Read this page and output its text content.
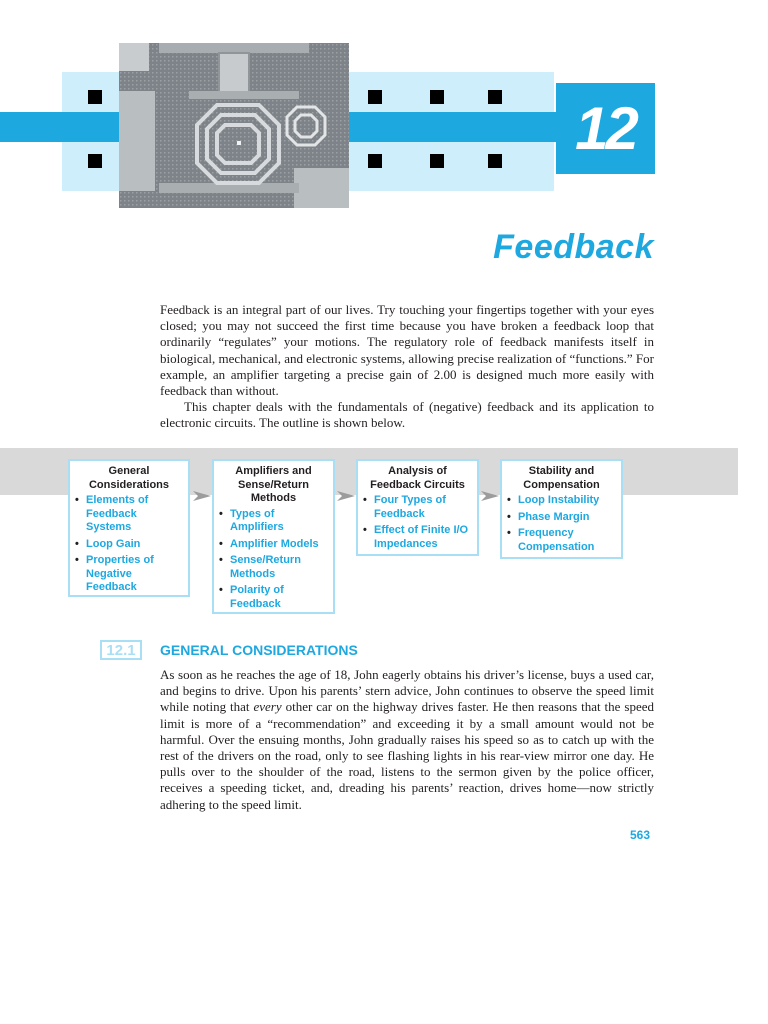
12
Feedback

Feedback is an integral part of our lives. Try touching your fingertips together with your eyes closed; you may not succeed the first time because you have broken a feedback loop that ordinarily “regulates” your motions. The regulatory role of feedback manifests itself in biological, mechanical, and electronic systems, allowing precise realization of “functions.” For example, an amplifier targeting a precise gain of 2.00 is designed much more easily with feedback than without.

This chapter deals with the fundamentals of (negative) feedback and its application to electronic circuits. The outline is shown below.

General Considerations
• Elements of Feedback Systems
• Loop Gain
• Properties of Negative Feedback
Amplifiers and Sense/Return Methods
• Types of Amplifiers
• Amplifier Models
• Sense/Return Methods
• Polarity of Feedback
Analysis of Feedback Circuits
• Four Types of Feedback
• Effect of Finite I/O Impedances
Stability and Compensation
• Loop Instability
• Phase Margin
• Frequency Compensation
12.1	GENERAL CONSIDERATIONS

As soon as he reaches the age of 18, John eagerly obtains his driver’s license, buys a used car, and begins to drive. Upon his parents’ stern advice, John continues to observe the speed limit while noting that every other car on the highway drives faster. He then reasons that the speed limit is more of a “recommendation” and exceeding it by a small amount would not be harmful. Over the ensuing months, John gradually raises his speed so as to catch up with the rest of the drivers on the road, only to see flashing lights in his rear-view mirror one day. He pulls over to the shoulder of the road, listens to the sermon given by the police officer, receives a speeding ticket, and, dreading his parents’ reaction, drives home—now strictly adhering to the speed limit.

563
